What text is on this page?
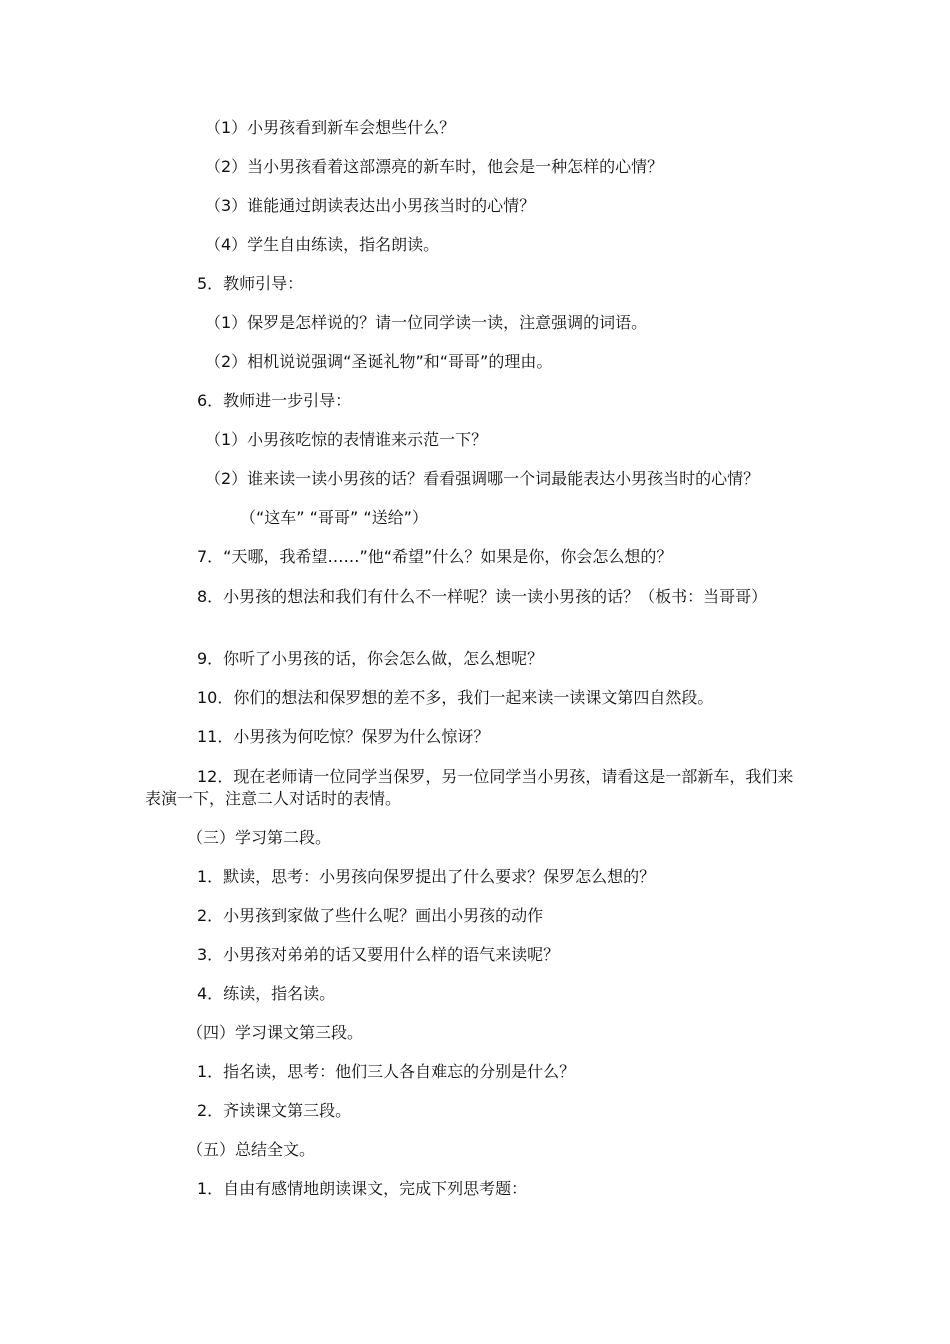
（1）小男孩看到新车会想些什么？
（2）当小男孩看着这部漂亮的新车时，他会是一种怎样的心情？
（3）谁能通过朗读表达出小男孩当时的心情？
（4）学生自由练读，指名朗读。
5．教师引导：
（1）保罗是怎样说的？请一位同学读一读，注意强调的词语。
（2）相机说说强调“圣诞礼物”和“哥哥”的理由。
6．教师进一步引导：
（1）小男孩吃惊的表情谁来示范一下？
（2）谁来读一读小男孩的话？看看强调哪一个词最能表达小男孩当时的心情？
（“这车” “哥哥” “送给”）
7．“天哪，我希望……”他“希望”什么？如果是你，你会怎么想的？
8．小男孩的想法和我们有什么不一样呢？读一读小男孩的话？（板书：当哥哥）
9．你听了小男孩的话，你会怎么做，怎么想呢？
10．你们的想法和保罗想的差不多，我们一起来读一读课文第四自然段。
11．小男孩为何吃惊？保罗为什么惊讶？
12．现在老师请一位同学当保罗，另一位同学当小男孩，请看这是一部新车，我们来表演一下，注意二人对话时的表情。
（三）学习第二段。
1．默读，思考：小男孩向保罗提出了什么要求？保罗怎么想的？
2．小男孩到家做了些什么呢？画出小男孩的动作
3．小男孩对弟弟的话又要用什么样的语气来读呢？
4．练读，指名读。
（四）学习课文第三段。
1．指名读，思考：他们三人各自难忘的分别是什么？
2．齐读课文第三段。
（五）总结全文。
1．自由有感情地朗读课文，完成下列思考题：
